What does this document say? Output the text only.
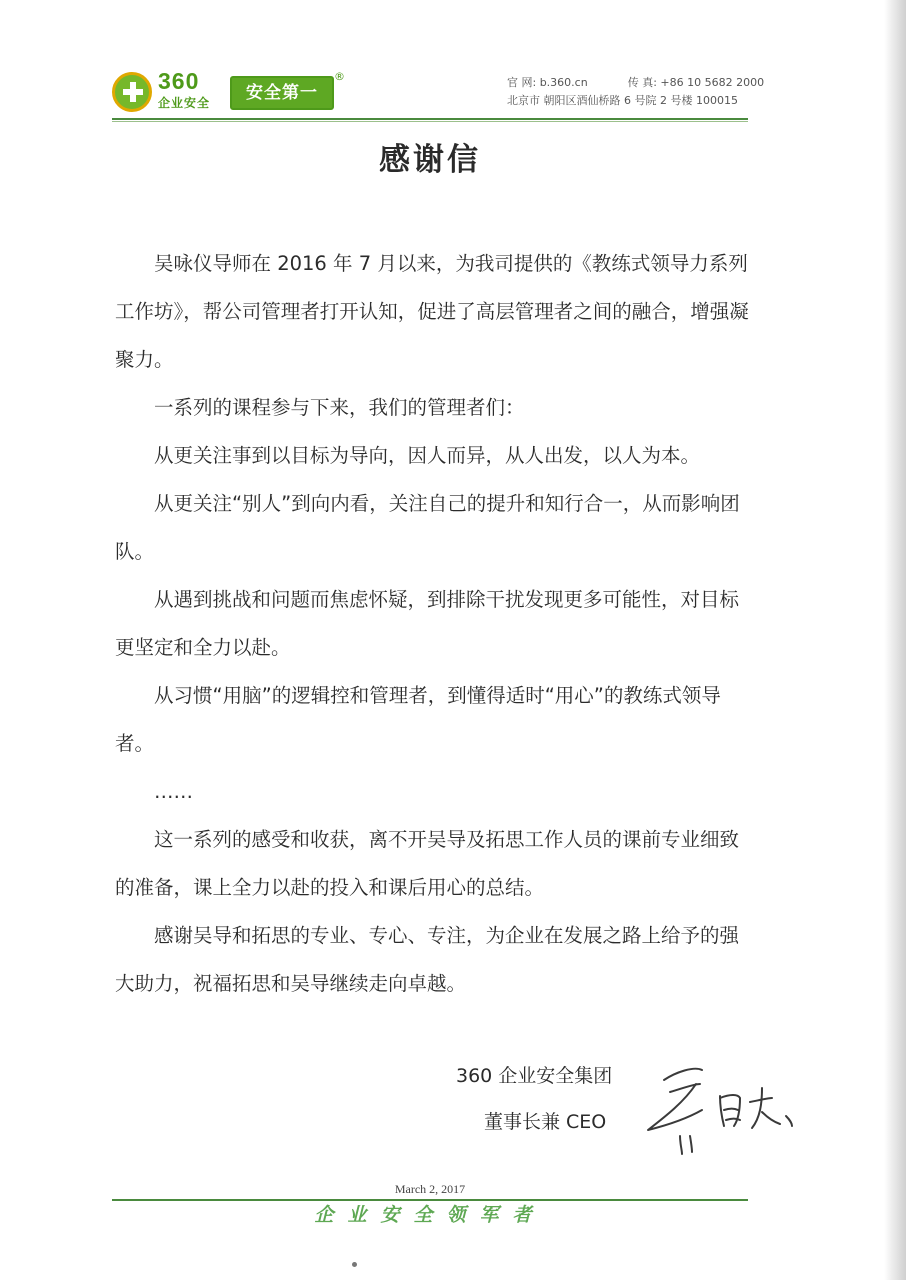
360
企业安全	安全第一
®	官 网: b.360.cn	传 真: +86 10 5682 2000
北京市 朝阳区酒仙桥路 6 号院 2 号楼 100015
感谢信

吴咏仪导师在 2016 年 7 月以来，为我司提供的《教练式领导力系列工作坊》，帮公司管理者打开认知，促进了高层管理者之间的融合，增强凝聚力。

一系列的课程参与下来，我们的管理者们：

从更关注事到以目标为导向，因人而异，从人出发，以人为本。

从更关注“别人”到向内看，关注自己的提升和知行合一，从而影响团队。

从遇到挑战和问题而焦虑怀疑，到排除干扰发现更多可能性，对目标更坚定和全力以赴。

从习惯“用脑”的逻辑控和管理者，到懂得适时“用心”的教练式领导者。

……

这一系列的感受和收获，离不开吴导及拓思工作人员的课前专业细致的准备，课上全力以赴的投入和课后用心的总结。

感谢吴导和拓思的专业、专心、专注，为企业在发展之路上给予的强大助力，祝福拓思和吴导继续走向卓越。

360 企业安全集团
董事长兼 CEO
March 2, 2017
企业安全领军者
